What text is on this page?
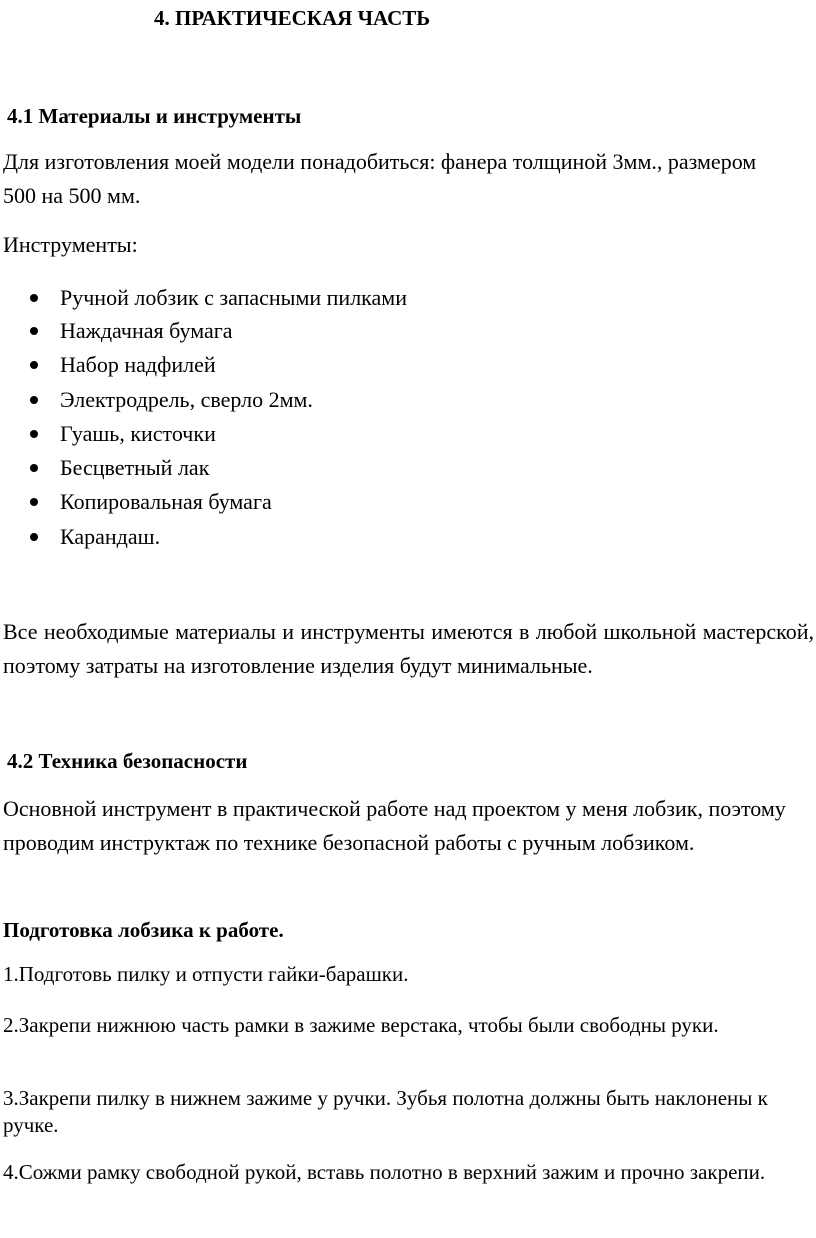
4. ПРАКТИЧЕСКАЯ ЧАСТЬ
4.1 Материалы и инструменты

Для изготовления моей модели понадобиться: фанера толщиной 3мм., размером 500 на 500 мм.

Инструменты:

Ручной лобзик с запасными пилками
Наждачная бумага
Набор надфилей
Электродрель, сверло 2мм.
Гуашь, кисточки
Бесцветный лак
Копировальная бумага
Карандаш.

Все необходимые материалы и инструменты имеются в любой школьной мастерской, поэтому затраты на изготовление изделия будут минимальные.

4.2 Техника безопасности

Основной инструмент в практической работе над проектом у меня лобзик, поэтому проводим инструктаж по технике безопасной работы с ручным лобзиком.

Подготовка лобзика к работе.

1.Подготовь пилку и отпусти гайки-барашки.

2.Закрепи нижнюю часть рамки в зажиме верстака, чтобы были свободны руки.

3.Закрепи пилку в нижнем зажиме у ручки. Зубья полотна должны быть наклонены к ручке.

4.Сожми рамку свободной рукой, вставь полотно в верхний зажим и прочно закрепи.
